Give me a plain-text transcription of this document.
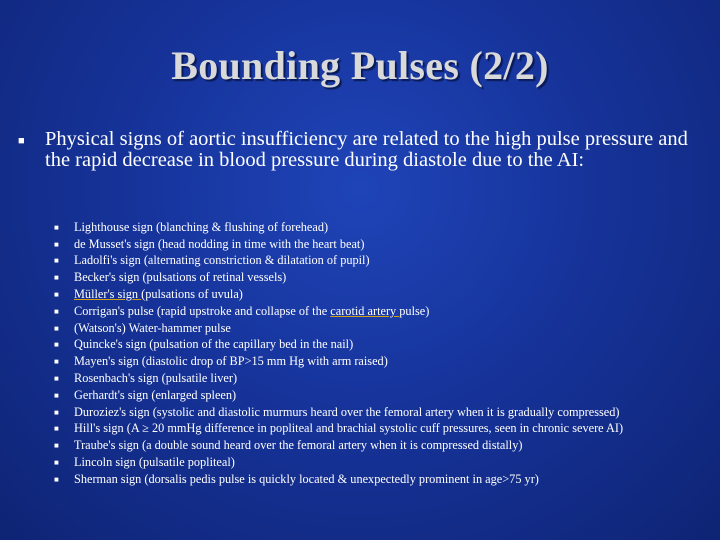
Bounding Pulses (2/2)
■ Physical signs of aortic insufficiency are related to the high pulse pressure and the rapid decrease in blood pressure during diastole due to the AI:
■	Lighthouse sign (blanching & flushing of forehead)
■	de Musset's sign (head nodding in time with the heart beat)
■	Ladolfi's sign (alternating constriction & dilatation of pupil)
■	Becker's sign (pulsations of retinal vessels)
■	Müller's sign (pulsations of uvula)
■	Corrigan's pulse (rapid upstroke and collapse of the carotid artery pulse)
■	(Watson's) Water-hammer pulse
■	Quincke's sign (pulsation of the capillary bed in the nail)
■	Mayen's sign (diastolic drop of BP>15 mm Hg with arm raised)
■	Rosenbach's sign (pulsatile liver)
■	Gerhardt's sign (enlarged spleen)
■	Duroziez's sign (systolic and diastolic murmurs heard over the femoral artery when it is gradually compressed)
■	Hill's sign (A ≥ 20 mmHg difference in popliteal and brachial systolic cuff pressures, seen in chronic severe AI)
■	Traube's sign (a double sound heard over the femoral artery when it is compressed distally)
■	Lincoln sign (pulsatile popliteal)
■	Sherman sign (dorsalis pedis pulse is quickly located & unexpectedly prominent in age>75 yr)
